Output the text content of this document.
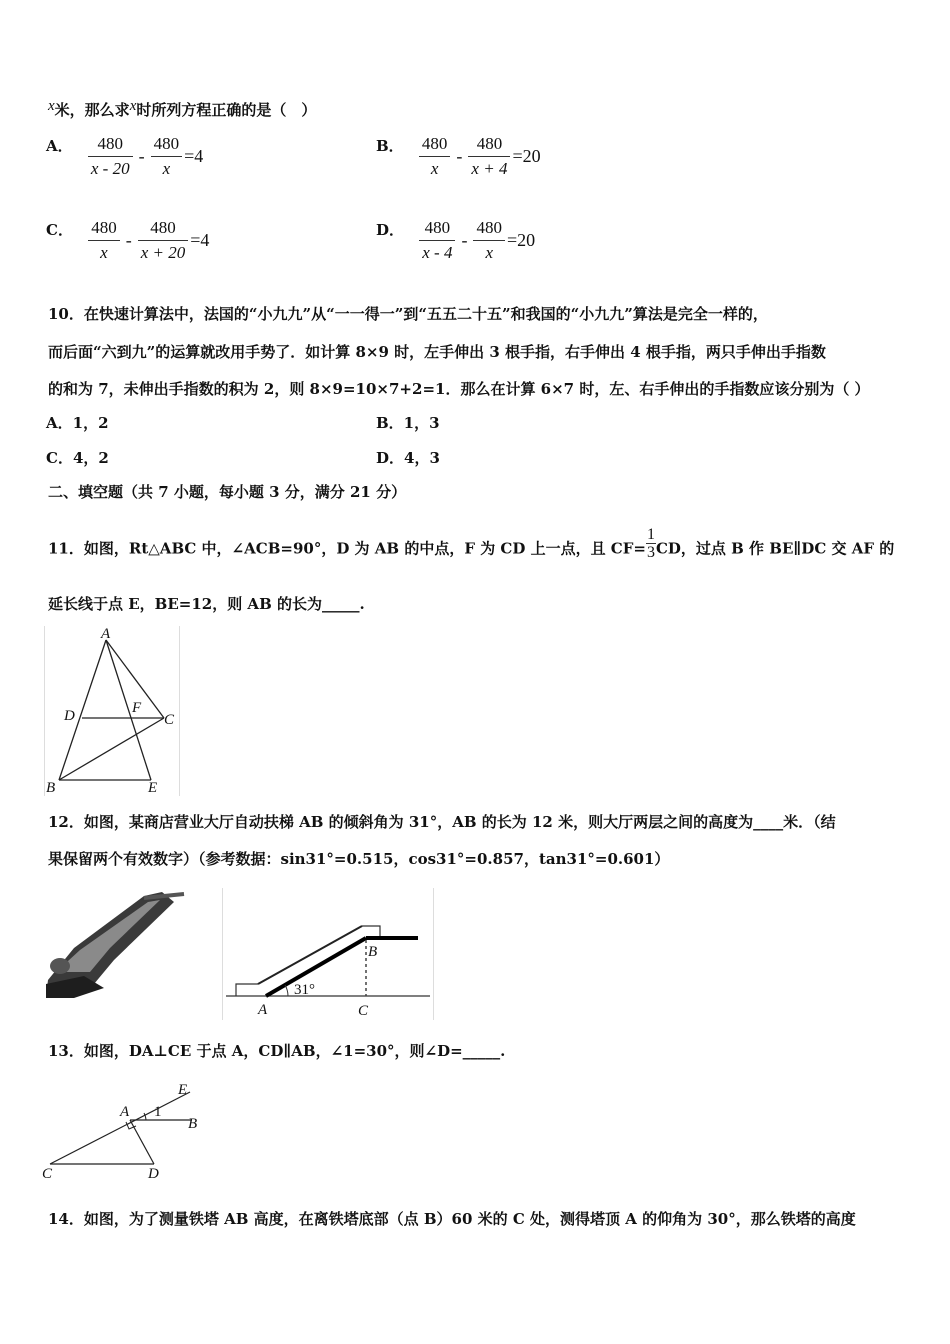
x米，那么求x时所列方程正确的是（　）
A． $\frac{480}{x - 20} - \frac{480}{x} =4$
B． $\frac{480}{x} - \frac{480}{x + 4} =20$
C． $\frac{480}{x} - \frac{480}{x + 20} =4$
D． $\frac{480}{x - 4} - \frac{480}{x} =20$
10．在快速计算法中，法国的“小九九”从“一一得一”到“五五二十五”和我国的“小九九”算法是完全一样的，
而后面“六到九”的运算就改用手势了．如计算 8×9 时，左手伸出 3 根手指，右手伸出 4 根手指，两只手伸出手指数
的和为 7，未伸出手指数的积为 2，则 8×9=10×7+2=1．那么在计算 6×7 时，左、右手伸出的手指数应该分别为（ ）
A．1，2	B．1，3
C．4，2	D．4，3
二、填空题（共 7 小题，每小题 3 分，满分 21 分）
11．如图，Rt△ABC 中，∠ACB=90°，D 为 AB 的中点，F 为 CD 上一点，且 $CF= \frac{1}{3}$ CD，过点 B 作 BE∥DC 交 AF 的
延长线于点 E，BE=12，则 AB 的长为_____.
A
D	F
C
B	E
12．如图，某商店营业大厅自动扶梯 AB 的倾斜角为 31°，AB 的长为 12 米，则大厅两层之间的高度为____米．（结
果保留两个有效数字）（参考数据：sin31°=0.515，cos31°=0.857，tan31°=0.601）
31°
A
B
C
13．如图，DA⊥CE 于点 A，CD∥AB，∠1=30°，则∠D=_____.
E
A 1
B
C	D
14．如图，为了测量铁塔 AB 高度，在离铁塔底部（点 B）60 米的 C 处，测得塔顶 A 的仰角为 30°，那么铁塔的高度
